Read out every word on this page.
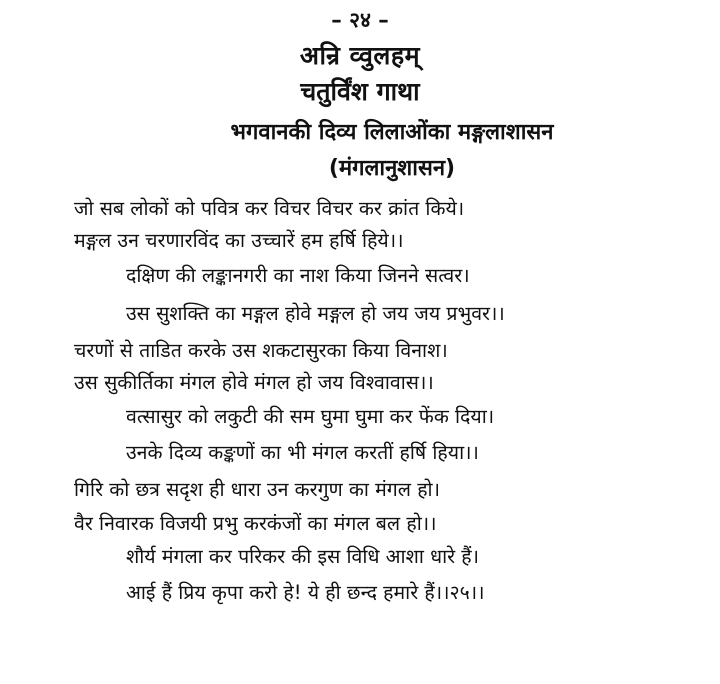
– २४ –
अन्रि व्वुलहम्
चतुर्विंश गाथा
भगवानकी दिव्य लिलाओंका मङ्गलाशासन
(मंगलानुशासन)
जो सब लोकों को पवित्र कर विचर विचर कर क्रांत किये।
मङ्गल उन चरणारविंद का उच्चारें हम हर्षि हिये।।
दक्षिण की लङ्कानगरी का नाश किया जिनने सत्वर।
उस सुशक्ति का मङ्गल होवे मङ्गल हो जय जय प्रभुवर।।
चरणों से ताडित करके उस शकटासुरका किया विनाश।
उस सुकीर्तिका मंगल होवे मंगल हो जय विश्वावास।।
वत्सासुर को लकुटी की सम घुमा घुमा कर फेंक दिया।
उनके दिव्य कङ्कणों का भी मंगल करतीं हर्षि हिया।।
गिरि को छत्र सदृश ही धारा उन करगुण का मंगल हो।
वैर निवारक विजयी प्रभु करकंजों का मंगल बल हो।।
शौर्य मंगला कर परिकर की इस विधि आशा धारे हैं।
आई हैं प्रिय कृपा करो हे! ये ही छन्द हमारे हैं।।२५।।
